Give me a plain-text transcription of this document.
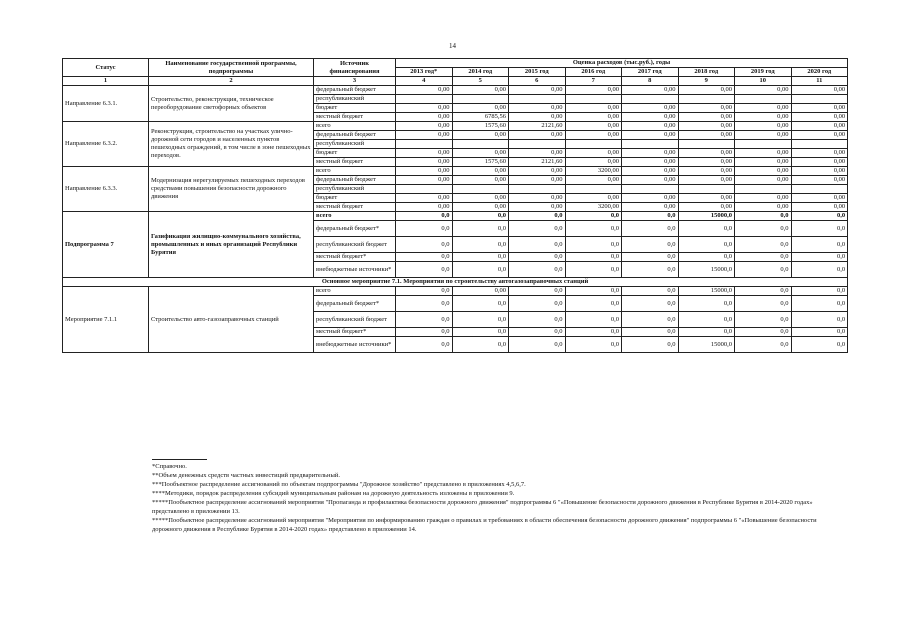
14
Статус	Наименование государственной программы, подпрограммы	Источник финансирования	Оценка расходов (тыс.руб.), годы							
			2013 год*	2014 год	2015 год	2016 год	2017 год	2018 год	2019 год	2020 год
1	2	3	4	5	6	7	8	9	10	11
Направление 6.3.1.	Строительство, реконструкция, техническое переоборудование светофорных объектов	федеральный бюджет	0,00	0,00	0,00	0,00	0,00	0,00	0,00	0,00
		республиканский								
		бюджет	0,00	0,00	0,00	0,00	0,00	0,00	0,00	0,00
		местный бюджет	0,00	6785,56	0,00	0,00	0,00	0,00	0,00	0,00
Направление 6.3.2.	Реконструкция, строительство на участках улично-дорожной сети городов и населенных пунктов пешеходных ограждений, в том числе в зоне пешеходных переходов.	всего	0,00	1575,60	2121,60	0,00	0,00	0,00	0,00	0,00
		федеральный бюджет	0,00	0,00	0,00	0,00	0,00	0,00	0,00	0,00
		республиканский								
		бюджет	0,00	0,00	0,00	0,00	0,00	0,00	0,00	0,00
		местный бюджет	0,00	1575,60	2121,60	0,00	0,00	0,00	0,00	0,00
Направление 6.3.3.	Модернизация нерегулируемых пешеходных переходов средствами повышения безопасности дорожного движения	всего	0,00	0,00	0,00	3200,00	0,00	0,00	0,00	0,00
		федеральный бюджет	0,00	0,00	0,00	0,00	0,00	0,00	0,00	0,00
		республиканский								
		бюджет	0,00	0,00	0,00	0,00	0,00	0,00	0,00	0,00
		местный бюджет	0,00	0,00	0,00	3200,00	0,00	0,00	0,00	0,00
Подпрограмма 7	Газификация жилищно-коммунального хозяйства, промышленных и иных организаций Республики Бурятия	всего	0,0	0,0	0,0	0,0	0,0	15000,0	0,0	0,0
		федеральный бюджет*	0,0	0,0	0,0	0,0	0,0	0,0	0,0	0,0
		республиканский бюджет	0,0	0,0	0,0	0,0	0,0	0,0	0,0	0,0
		местный бюджет*	0,0	0,0	0,0	0,0	0,0	0,0	0,0	0,0
		внебюджетные источники*	0,0	0,0	0,0	0,0	0,0	15000,0	0,0	0,0
Основное мероприятие 7.1. Мероприятия по строительству автогазозаправочных станций										
Мероприятие 7.1.1	Строительство авто-газозаправочных станций	всего	0,0	0,00	0,0	0,0	0,0	15000,0	0,0	0,0
		федеральный бюджет*	0,0	0,0	0,0	0,0	0,0	0,0	0,0	0,0
		республиканский бюджет	0,0	0,0	0,0	0,0	0,0	0,0	0,0	0,0
		местный бюджет*	0,0	0,0	0,0	0,0	0,0	0,0	0,0	0,0
		внебюджетные источники*	0,0	0,0	0,0	0,0	0,0	15000,0	0,0	0,0
*Справочно.
**Объем денежных средств частных инвестиций предварительный.
***Пообъектное распределение ассигнований по объектам подпрограммы "Дорожное хозяйство" представлено в приложениях 4,5,6,7.
****Методики, порядок распределения субсидий муниципальным районам на дорожную деятельность изложены в приложении 9.
*****Пообъектное распределение ассигнований мероприятия "Пропаганда и профилактика безопасности дорожного движения" подпрограммы 6 "«Повышение безопасности дорожного движения в Республике Бурятия в 2014-2020 годах» представлено в приложении 13.
*****Пообъектное распределение ассигнований мероприятия "Мероприятия по информированию граждан о правилах и требованиях в области обеспечения безопасности дорожного движения" подпрограммы 6 "«Повышение безопасности дорожного движения в Республике Бурятия в 2014-2020 годах» представлено в приложении 14.
